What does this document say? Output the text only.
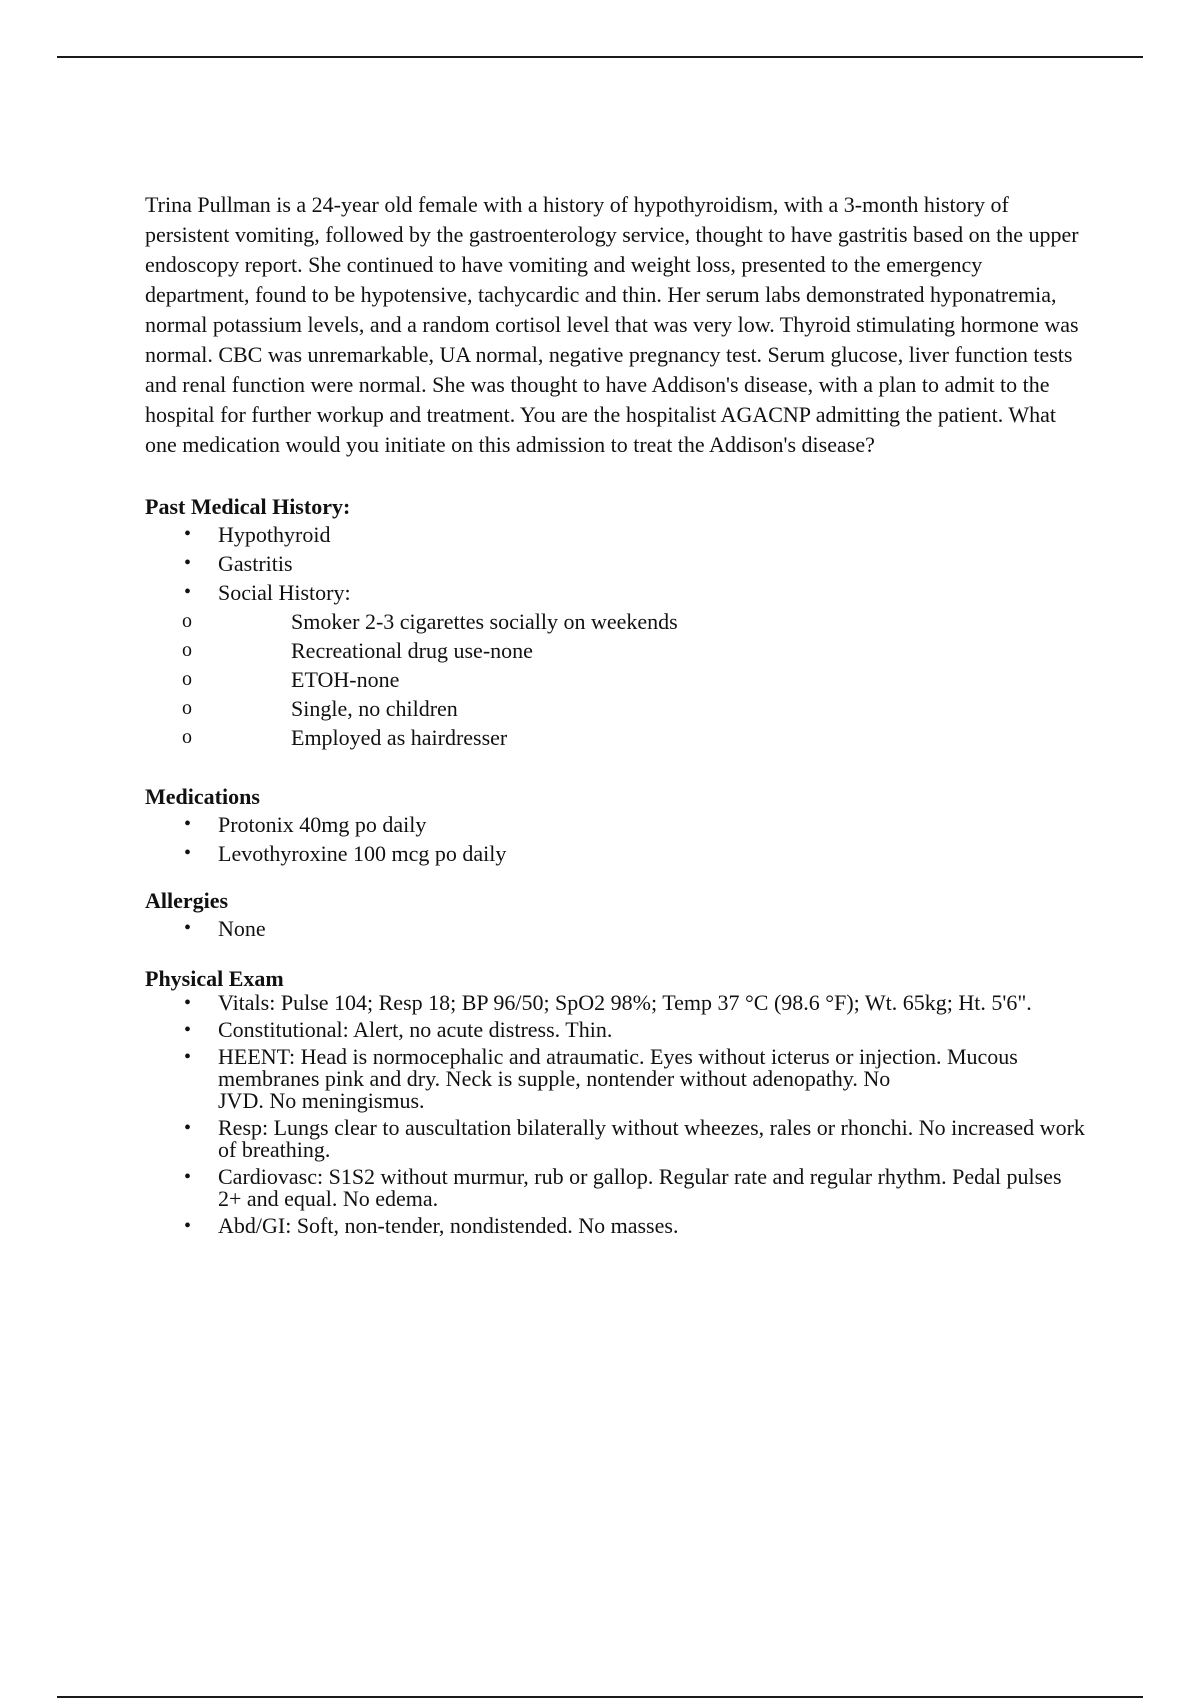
Trina Pullman is a 24-year old female with a history of hypothyroidism, with a 3-month history of persistent vomiting, followed by the gastroenterology service, thought to have gastritis based on the upper endoscopy report. She continued to have vomiting and weight loss, presented to the emergency department, found to be hypotensive, tachycardic and thin. Her serum labs demonstrated hyponatremia, normal potassium levels, and a random cortisol level that was very low. Thyroid stimulating hormone was normal. CBC was unremarkable, UA normal, negative pregnancy test. Serum glucose, liver function tests and renal function were normal. She was thought to have Addison's disease, with a plan to admit to the hospital for further workup and treatment. You are the hospitalist AGACNP admitting the patient. What one medication would you initiate on this admission to treat the Addison's disease?

Past Medical History:

• Hypothyroid
• Gastritis
• Social History:
o	Smoker 2-3 cigarettes socially on weekends
o	Recreational drug use-none
o	ETOH-none
o	Single, no children
o	Employed as hairdresser

Medications

• Protonix 40mg po daily
• Levothyroxine 100 mcg po daily

Allergies

• None

Physical Exam

• Vitals: Pulse 104; Resp 18; BP 96/50; SpO2 98%; Temp 37 °C (98.6 °F); Wt. 65kg; Ht. 5'6".
• Constitutional: Alert, no acute distress. Thin.
• HEENT: Head is normocephalic and atraumatic. Eyes without icterus or injection. Mucous membranes pink and dry. Neck is supple, nontender without adenopathy. No
JVD. No meningismus.
• Resp: Lungs clear to auscultation bilaterally without wheezes, rales or rhonchi. No increased work of breathing.
• Cardiovasc: S1S2 without murmur, rub or gallop. Regular rate and regular rhythm. Pedal pulses 2+ and equal. No edema.
• Abd/GI: Soft, non-tender, nondistended. No masses.
